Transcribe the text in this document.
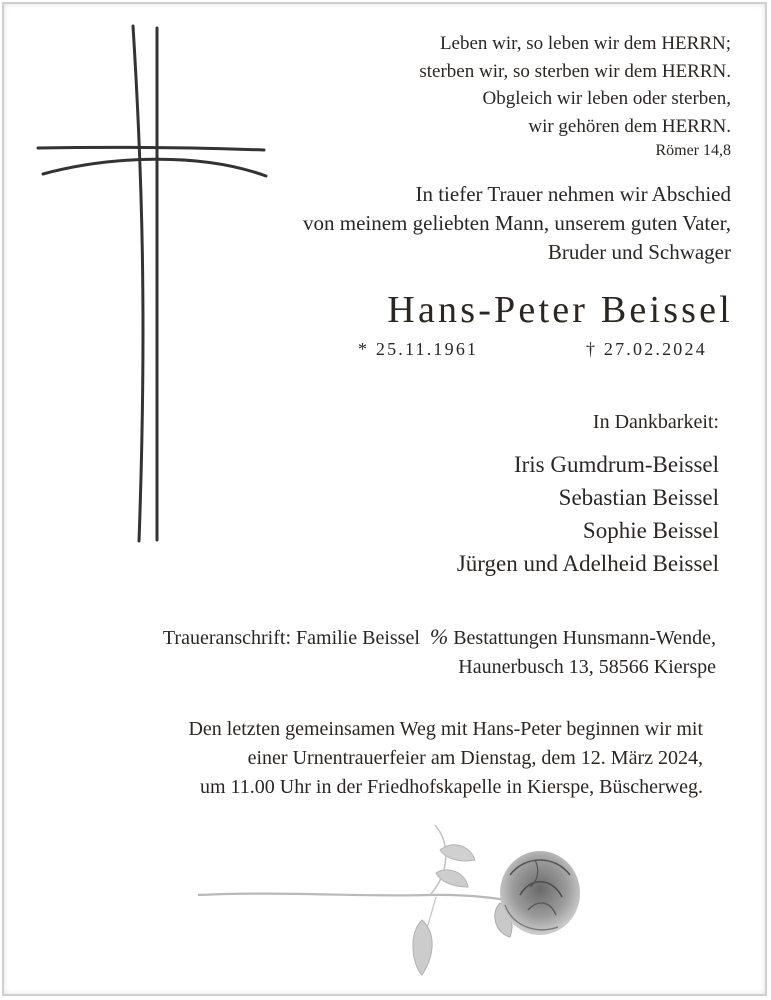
Leben wir, so leben wir dem HERRN;
sterben wir, so sterben wir dem HERRN.
Obgleich wir leben oder sterben,
wir gehören dem HERRN.
Römer 14,8
In tiefer Trauer nehmen wir Abschied
von meinem geliebten Mann, unserem guten Vater,
Bruder und Schwager
Hans-Peter Beissel
* 25.11.1961	† 27.02.2024
In Dankbarkeit:
Iris Gumdrum-Beissel
Sebastian Beissel
Sophie Beissel
Jürgen und Adelheid Beissel
Traueranschrift: Familie Beissel % Bestattungen Hunsmann-Wende,
Haunerbusch 13, 58566 Kierspe
Den letzten gemeinsamen Weg mit Hans-Peter beginnen wir mit
einer Urnentrauerfeier am Dienstag, dem 12. März 2024,
um 11.00 Uhr in der Friedhofskapelle in Kierspe, Büscherweg.
